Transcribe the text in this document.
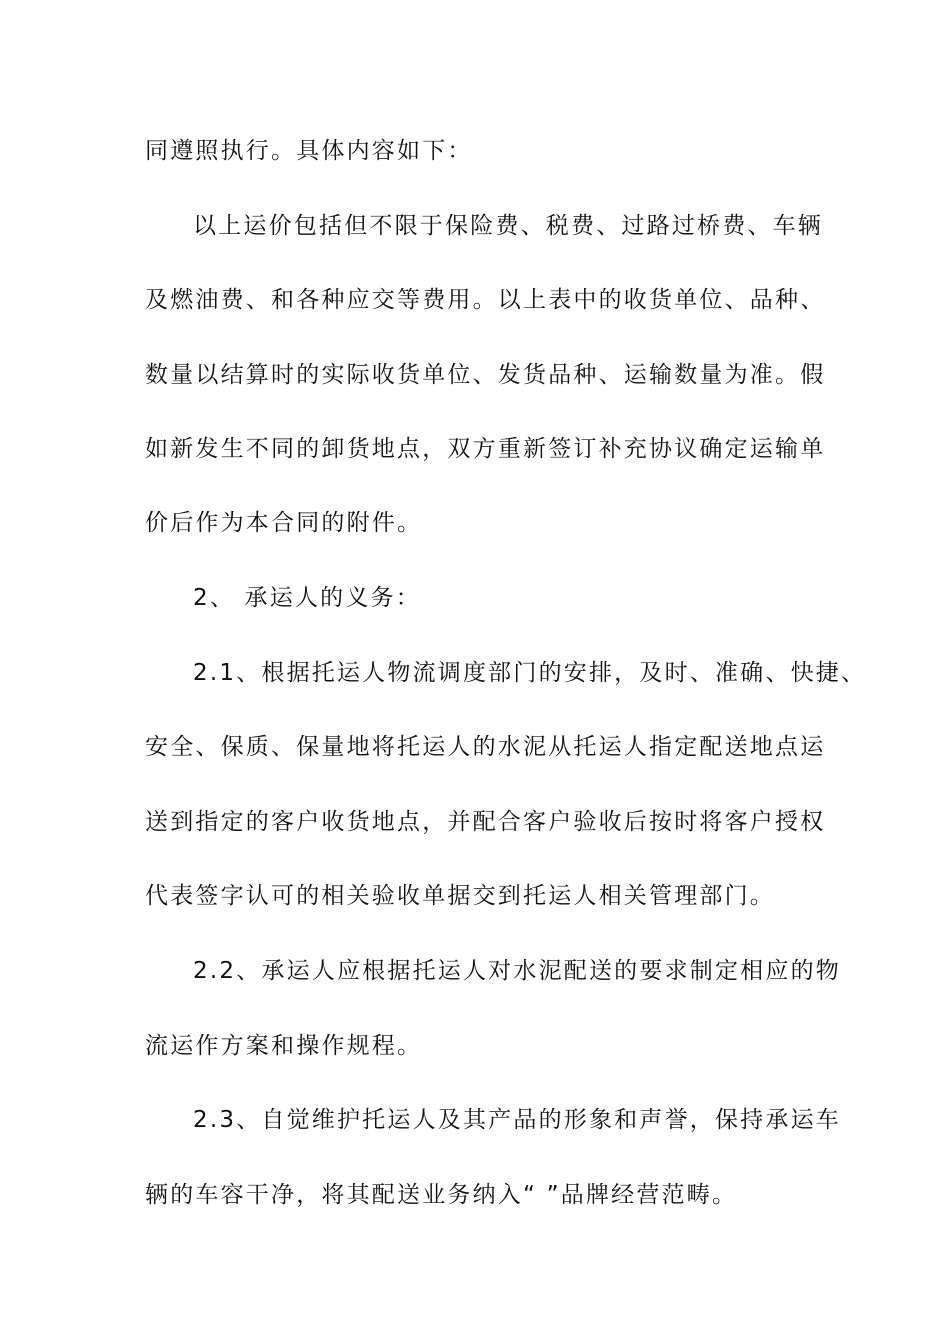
同遵照执行。具体内容如下：
以上运价包括但不限于保险费、税费、过路过桥费、车辆
及燃油费、和各种应交等费用。以上表中的收货单位、品种、
数量以结算时的实际收货单位、发货品种、运输数量为准。假
如新发生不同的卸货地点，双方重新签订补充协议确定运输单
价后作为本合同的附件。
2、 承运人的义务：
2.1、根据托运人物流调度部门的安排，及时、准确、快捷、
安全、保质、保量地将托运人的水泥从托运人指定配送地点运
送到指定的客户收货地点，并配合客户验收后按时将客户授权
代表签字认可的相关验收单据交到托运人相关管理部门。
2.2、承运人应根据托运人对水泥配送的要求制定相应的物
流运作方案和操作规程。
2.3、自觉维护托运人及其产品的形象和声誉，保持承运车
辆的车容干净，将其配送业务纳入“ ”品牌经营范畴。
